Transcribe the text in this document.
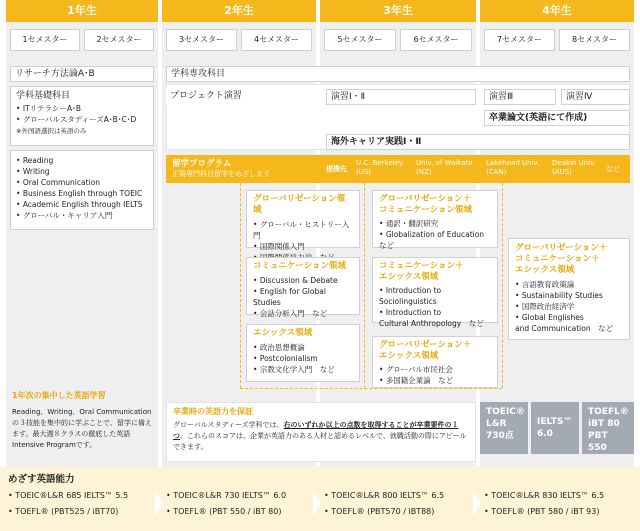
1年生	2年生	3年生	4年生
1セメスター	2セメスター	3セメスター	4セメスター	5セメスター	6セメスター	7セメスター	8セメスター
リサーチ方法論A･B	学科専攻科目
プロジェクト演習	演習Ⅰ・Ⅱ	演習Ⅲ	演習Ⅳ
卒業論文(英語にて作成)
海外キャリア実践Ⅰ・Ⅱ
学科基礎科目
• ITリテラシーA･B
• グローバルスタディーズA･B･C･D
※外国語選択は英語のみ
• Reading
• Writing
• Oral Communication
• Business English through TOEIC
• Academic English through IELTS
• グローバル・キャリア入門
留学プログラム
正規専門科目留学をめざします
提携先
U.C. Berkeley
(US)
Univ. of Waikato
(NZ)
Lakehead Univ.
(CAN)
Deakin Univ.
(AUS)	など
グローバリゼーション領域
• グローバル・ヒストリー入門
• 国際関係入門
コミュニケーション領域
• Discussion & Debate
• English for Global Studies
• 会話分析入門　など
エシックス領域
• 政治思想概論
• Postcolonialism
• 宗教文化学入門　など
グローバリゼーション＋
コミュニケーション領域
• 通訳・翻訳研究
• Globalization of Education　など
コミュニケーション＋
エシックス領域
• Introduction to Sociolinguistics
• Introduction to
Cultural Anthropology　など
グローバリゼーション＋
エシックス領域
• グローバル市民社会
• 多国籍企業論　など
グローバリゼーション＋
コミュニケーション＋
エシックス領域
• 言語教育政策論
• Sustainability Studies
• 国際政治経済学
• Global Englishes
and Communication　など
1年次の集中した英語学習
Reading、Writing、Oral Communicationの３技能を集中的に学ぶことで、留学に備えます。最大週８クラスの徹底した英語Intensive Programです。
卒業時の英語力を保証
グローバルスタディーズ学科では、右のいずれか以上の点数を取得することが卒業要件の１つ。これらのスコアは、企業が英語力のある人材と認めるレベルで、就職活動の際にアピールできます。
TOEIC®
L&R
730点
IELTS™
6.0
TOEFL®
iBT 80
PBT 550
めざす英語能力
• TOEIC®L&R 685 IELTS™ 5.5
• TOEFL® (PBT525 / iBT70)
• TOEIC®L&R 730 IELTS™ 6.0
• TOEFL® (PBT 550 / iBT 80)
• TOEIC®L&R 800 IELTS™ 6.5
• TOEFL® (PBT570 / iBT88)
• TOEIC®L&R 830 IELTS™ 6.5
• TOEFL® (PBT 580 / iBT 93)
